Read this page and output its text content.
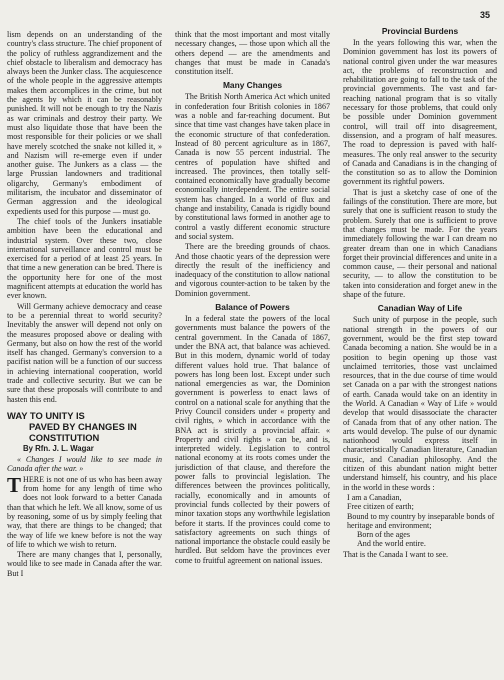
35

lism depends on an understanding of the country's class structure. The chief proponent of the policy of ruthless aggrandizement and the chief obstacle to liberalism and democracy has always been the Junker class. The acquiescence of the whole people in the aggressive attempts makes them accomplices in the crime, but not the agents by which it can be reasonably punished. It will not be enough to try the Nazis as war criminals and destroy their party. We must also liquidate those that have been the most responsible for their policies or we shall have merely scotched the snake not killed it, » and Nazism will re-emerge even if under another guise. The Junkers as a class — the large Prussian landowners and traditional oligarchy, Germany's embodiment of militarism, the incubator and disseminator of German aggression and the ideological expedients used for this purpose — must go.

The chief tools of the Junkers insatiable ambition have been the educational and industrial system. Over these two, close international surveillance and control must be exercised for a period of at least 25 years. In that time a new generation can be bred. There is the opportunity here for one of the most magnificent attempts at education the world has ever known.

Will Germany achieve democracy and cease to be a perennial threat to world security? Inevitably the answer will depend not only on the measures proposed above or dealing with Germany, but also on how the rest of the world itself has changed. Germany's conversion to a pacifist nation will be a function of our success in achieving international cooperation, world trade and collective security. But we can be sure that these proposals will contribute to and hasten this end.

WAY TO UNITY IS
PAVED BY CHANGES IN CONSTITUTION
By Rfn. J. L. Wagar

« Changes I would like to see made in Canada after the war. »

THERE is not one of us who has been away from home for any length of time who does not look forward to a better Canada than that which he left. We all know, some of us by reasoning, some of us by simply feeling that way, that there are things to be changed; that the way of life we knew before is not the way of life to which we wish to return.

There are many changes that I, personally, would like to see made in Canada after the war. But I

think that the most important and most vitally necessary changes, — those upon which all the others depend — are the amendments and changes that must be made in Canada's constitution itself.

Many Changes

The British North America Act which united in confederation four British colonies in 1867 was a noble and far-reaching document. But since that time vast changes have taken place in the economic structure of that confederation. Instead of 80 percent agriculture as in 1867, Canada is now 55 percent industrial. The centres of population have shifted and increased. The provinces, then totally self-contained economically have gradually become economically interdependent. The entire social system has changed. In a world of flux and change and instability, Canada is rigidly bound by constitutional laws formed in another age to control a vastly different economic structure and social system.

There are the breeding grounds of chaos. And those chaotic years of the depression were directly the result of the inefficiency and inadequacy of the constitution to allow national and vigorous counter-action to be taken by the Dominion government.

Balance of Powers

In a federal state the powers of the local governments must balance the powers of the central government. In the Canada of 1867, under the BNA act, that balance was achieved. But in this modern, dynamic world of today different values hold true. That balance of powers has long been lost. Except under such national emergencies as war, the Dominion government is powerless to enact laws of control on a national scale for anything that the Privy Council considers under « property and civil rights, » which in accordance with the BNA act is strictly a provincial affair. « Property and civil rights » can be, and is, interpreted widely. Legislation to control national economy at its roots comes under the jurisdiction of that clause, and therefore the power falls to provincial legislation. The differences between the provinces politically, racially, economically and in amounts of provincial funds collected by their powers of minor taxation stops any worthwhile legislation before it starts. If the provinces could come to satisfactory agreements on such things of national importance the obstacle could easily be hurdled. But seldom have the provinces ever come to fruitful agreement on national issues.

Provincial Burdens

In the years following this war, when the Dominion government has lost its powers of national control given under the war measures act, the problems of reconstruction and rehabilitation are going to fall to the task of the provincial governments. The vast and far-reaching national program that is so vitally necessary for those problems, that could only be possible under Dominion government control, will trail off into disagreement, dissension, and a program of half measures. The road to depression is paved with half-measures. The only real answer to the security of Canada and Canadians is in the changing of the constitution so as to allow the Dominion government its rightful powers.

That is just a sketchy case of one of the failings of the constitution. There are more, but surely that one is sufficient reason to study the problem. Surely that one is sufficient to prove that changes must be made. For the years immediately following the war I can dream no greater dream than one in which Canadians forget their provincial differences and unite in a common cause, — their personal and national security, — to allow the constitution to be taken into consideration and forget anew in the shape of the future.

Canadian Way of Life

Such unity of purpose in the people, such national strength in the powers of our government, would be the first step toward Canada becoming a nation. She would be in a position to begin opening up those vast unclaimed territories, those vast unclaimed resources, that in the due course of time would set Canada on a par with the strongest nations of earth. Canada would take on an identity in the World. A Canadian « Way of Life » would develop that would disassociate the character of Canada from that of any other nation. The arts would develop. The pulse of our dynamic nationhood would express itself in characteristically Canadian literature, Canadian music, and Canadian philosophy. And the citizen of this abundant nation might better understand himself, his country, and his place in the world in these words :

I am a Canadian,
Free citizen of earth;
Bound to my country by inseparable bonds of heritage and environment;
Born of the ages
And the world entire.

That is the Canada I want to see.
